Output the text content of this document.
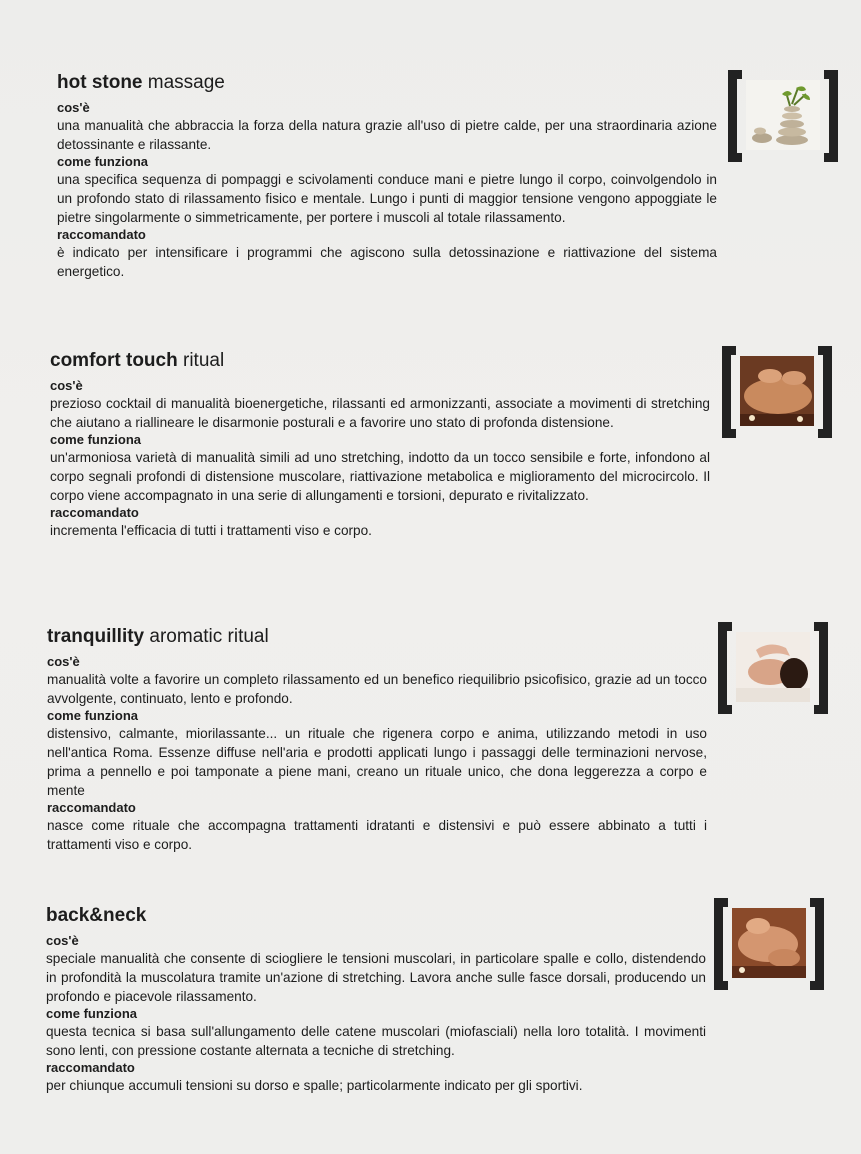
hot stone massage

cos'è

una manualità che abbraccia la forza della natura grazie all'uso di pietre calde, per una straordinaria azione detossinante e rilassante.

come funziona

una specifica sequenza di pompaggi e scivolamenti conduce mani e pietre lungo il corpo, coinvolgendolo in un profondo stato di rilassamento fisico e mentale. Lungo i punti di maggior tensione vengono appoggiate le pietre singolarmente o simmetricamente, per portere i muscoli al totale rilassamento.

raccomandato

è indicato per intensificare i programmi che agiscono sulla detossinazione e riattivazione del sistema energetico.

comfort touch ritual

cos'è

prezioso cocktail di manualità bioenergetiche, rilassanti ed armonizzanti, associate a movimenti di stretching che aiutano a riallineare le disarmonie posturali e a favorire uno stato di profonda distensione.

come funziona

un'armoniosa varietà di manualità simili ad uno stretching, indotto da un tocco sensibile e forte, infondono al corpo segnali profondi di distensione muscolare, riattivazione metabolica e miglioramento del microcircolo. Il corpo viene accompagnato in una serie di allungamenti e torsioni, depurato e rivitalizzato.

raccomandato

incrementa l'efficacia di tutti i trattamenti viso e corpo.

tranquillity aromatic ritual

cos'è

manualità volte a favorire un completo rilassamento ed un benefico riequilibrio psicofisico, grazie ad un tocco avvolgente, continuato, lento e profondo.

come funziona

distensivo, calmante, miorilassante... un rituale che rigenera corpo e anima, utilizzando metodi in uso nell'antica Roma. Essenze diffuse nell'aria e prodotti applicati lungo i passaggi delle terminazioni nervose, prima a pennello e poi tamponate a piene mani, creano un rituale unico, che dona leggerezza a corpo e mente

raccomandato

nasce come rituale che accompagna trattamenti idratanti e distensivi e può essere abbinato a tutti i trattamenti viso e corpo.

back&neck

cos'è

speciale manualità che consente di sciogliere le tensioni muscolari, in particolare spalle e collo, distendendo in profondità la muscolatura tramite un'azione di stretching. Lavora anche sulle fasce dorsali, producendo un profondo e piacevole rilassamento.

come funziona

questa tecnica si basa sull'allungamento delle catene muscolari (miofasciali) nella loro totalità. I movimenti sono lenti, con pressione costante alternata a tecniche di stretching.

raccomandato

per chiunque accumuli tensioni su dorso e spalle; particolarmente indicato per gli sportivi.
